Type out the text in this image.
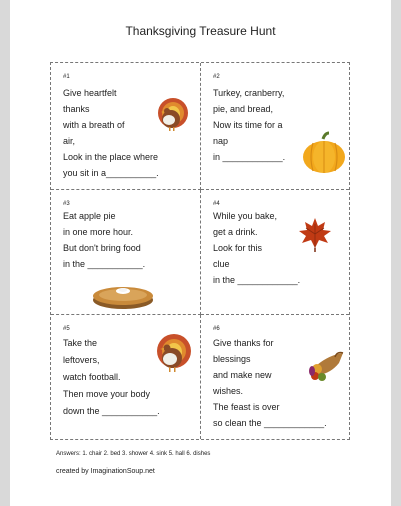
Thanksgiving Treasure Hunt
#1
Give heartfelt
thanks
with a breath of
air,
Look in the place where
you sit in a__________.
#2
Turkey, cranberry,
pie, and bread,
Now its time for a
nap
in ____________.
#3
Eat apple pie
in one more hour.
But don't bring food
in the ___________.
#4
While you bake,
get a drink.
Look for this
clue
in the ____________.
#5
Take the
leftovers,
watch football.
Then move your body
down the ___________.
#6
Give thanks for
blessings
and make new
wishes.
The feast is over
so clean the ____________.
Answers: 1. chair 2. bed 3. shower 4. sink 5. hall 6. dishes
created by ImaginationSoup.net
